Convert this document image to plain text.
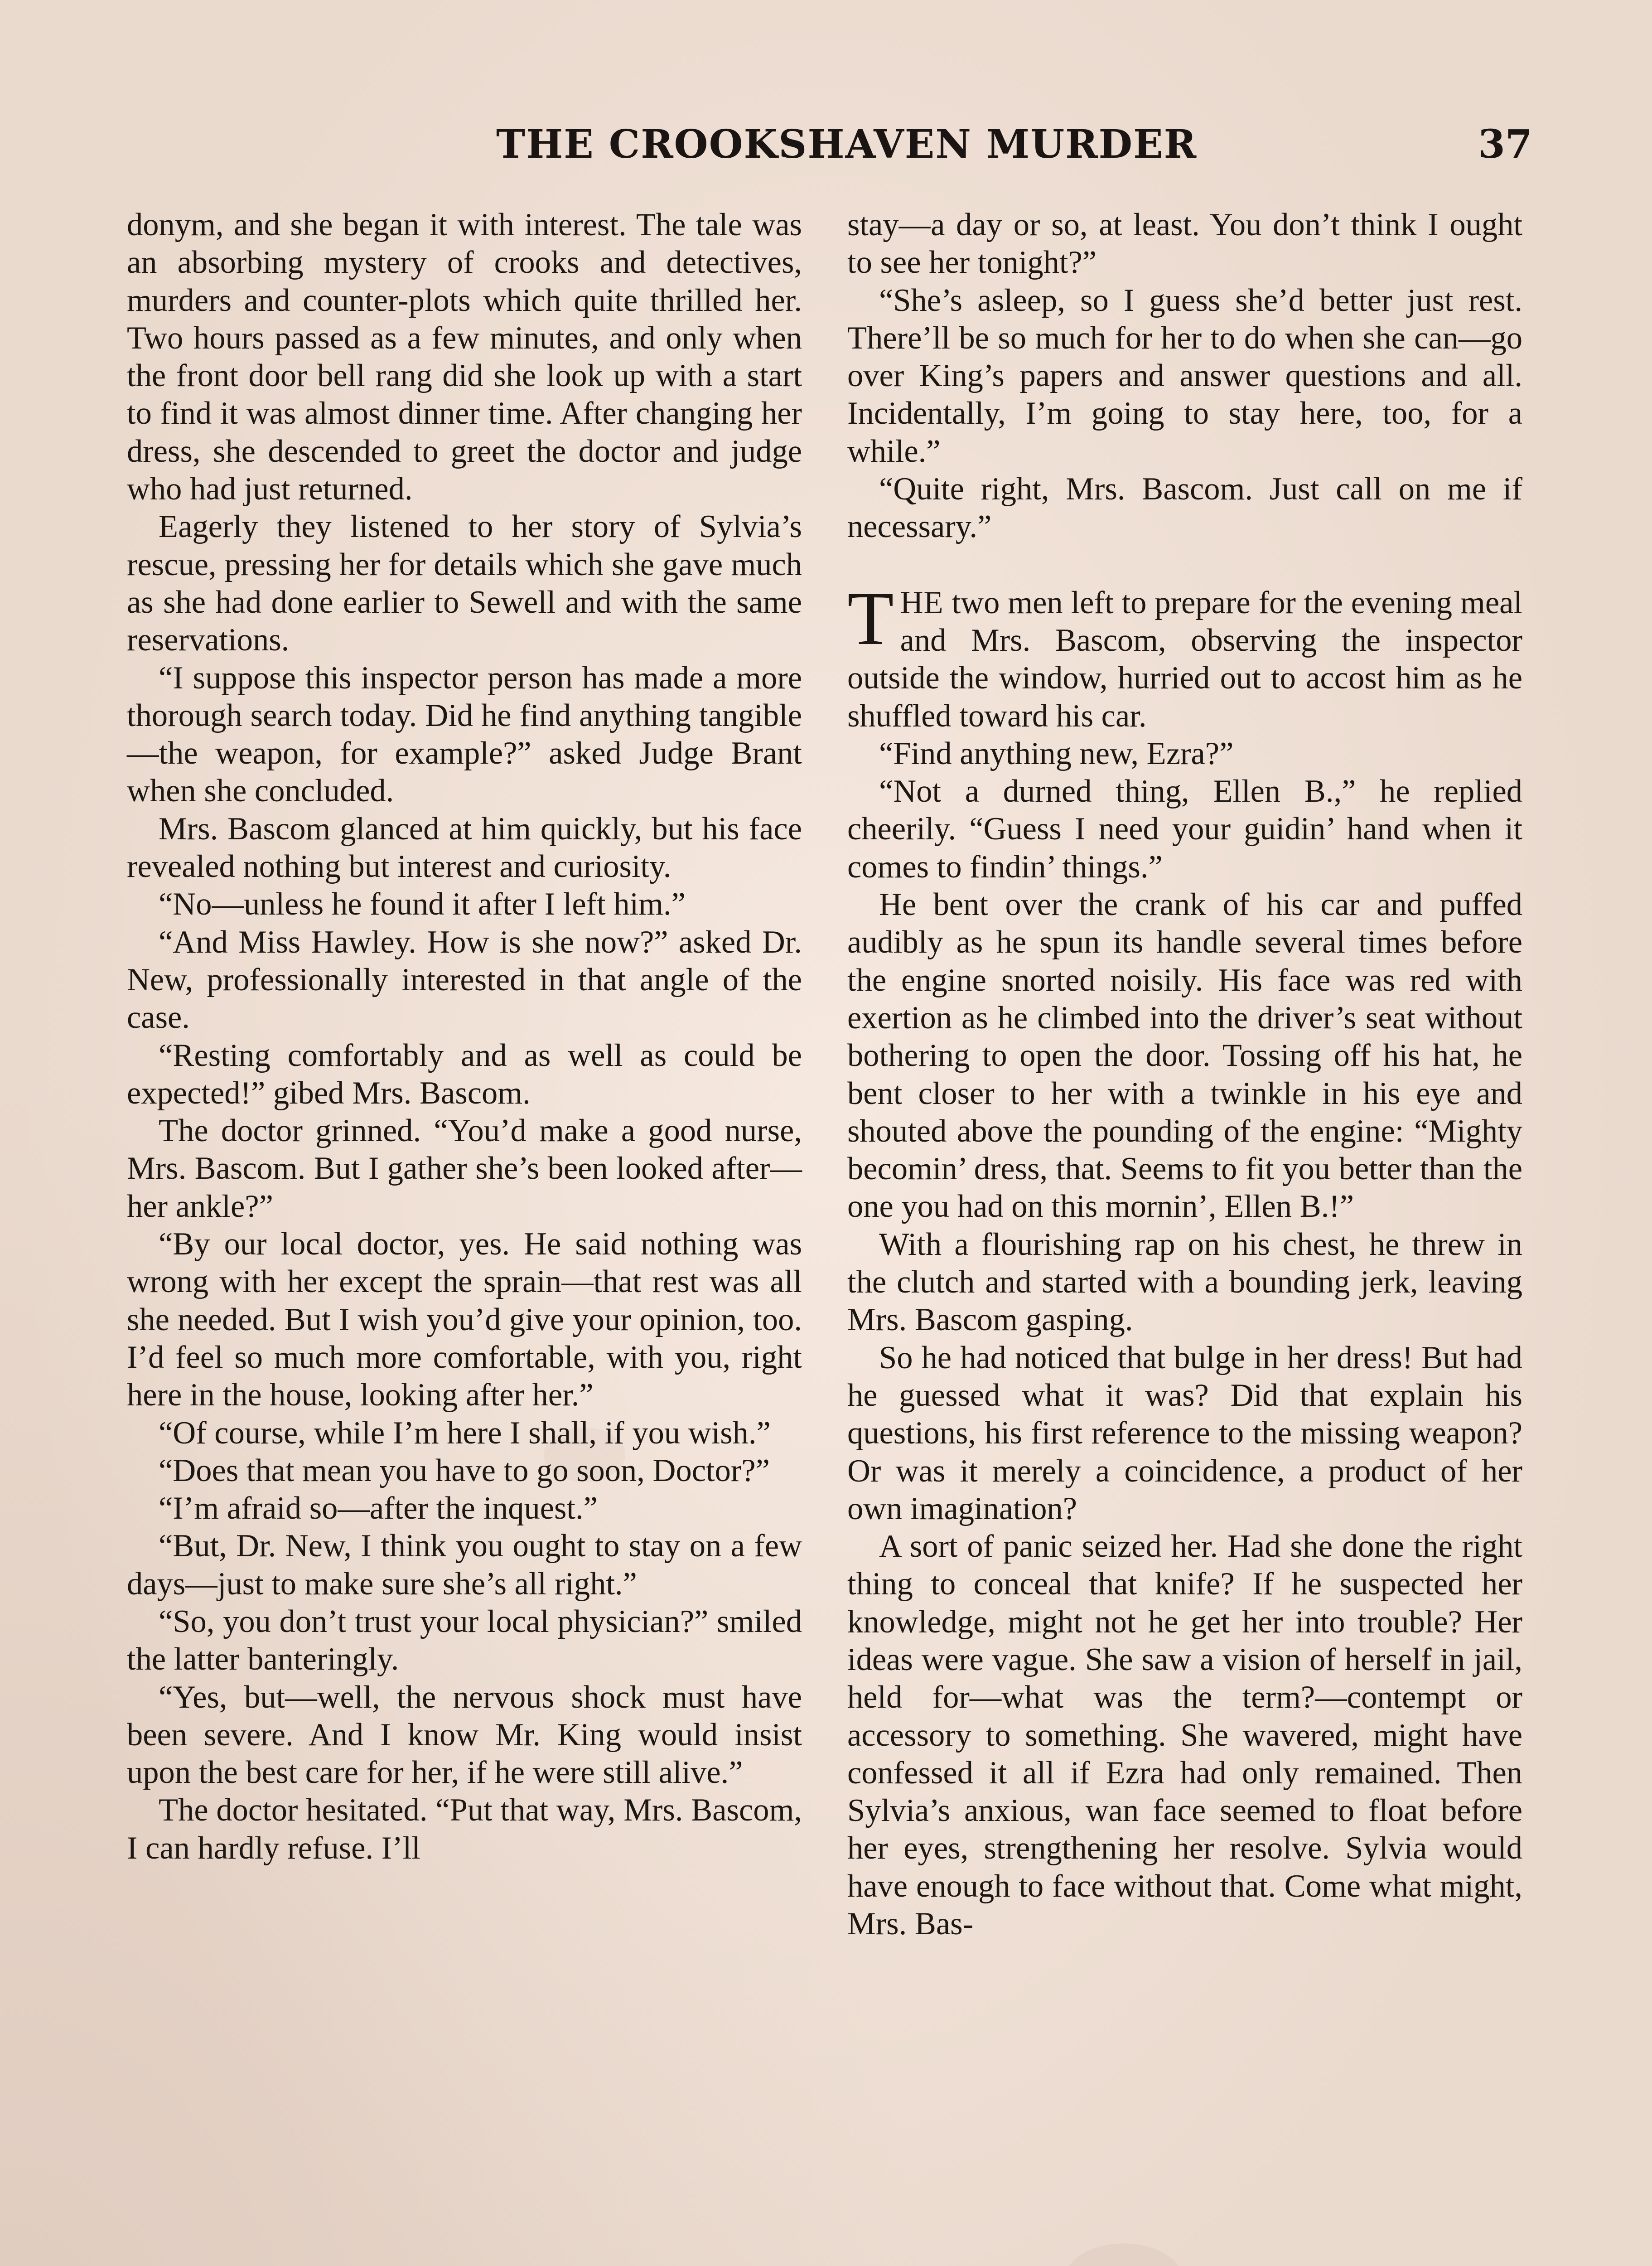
THE CROOKSHAVEN MURDER	37

donym, and she began it with interest. The tale was an absorbing mystery of crooks and detectives, murders and counter-plots which quite thrilled her. Two hours passed as a few minutes, and only when the front door bell rang did she look up with a start to find it was almost dinner time. After changing her dress, she descended to greet the doctor and judge who had just returned.

Eagerly they listened to her story of Sylvia’s rescue, pressing her for details which she gave much as she had done earlier to Sewell and with the same reservations.

“I suppose this inspector person has made a more thorough search today. Did he find anything tangible—the weapon, for example?” asked Judge Brant when she concluded.

Mrs. Bascom glanced at him quickly, but his face revealed nothing but interest and curiosity.

“No—unless he found it after I left him.”

“And Miss Hawley. How is she now?” asked Dr. New, professionally interested in that angle of the case.

“Resting comfortably and as well as could be expected!” gibed Mrs. Bascom.

The doctor grinned. “You’d make a good nurse, Mrs. Bascom. But I gather she’s been looked after—her ankle?”

“By our local doctor, yes. He said nothing was wrong with her except the sprain—that rest was all she needed. But I wish you’d give your opinion, too. I’d feel so much more comfortable, with you, right here in the house, looking after her.”

“Of course, while I’m here I shall, if you wish.”

“Does that mean you have to go soon, Doctor?”

“I’m afraid so—after the inquest.”

“But, Dr. New, I think you ought to stay on a few days—just to make sure she’s all right.”

“So, you don’t trust your local physician?” smiled the latter banteringly.

“Yes, but—well, the nervous shock must have been severe. And I know Mr. King would insist upon the best care for her, if he were still alive.”

The doctor hesitated. “Put that way, Mrs. Bascom, I can hardly refuse. I’ll

stay—a day or so, at least. You don’t think I ought to see her tonight?”

“She’s asleep, so I guess she’d better just rest. There’ll be so much for her to do when she can—go over King’s papers and answer questions and all. Incidentally, I’m going to stay here, too, for a while.”

“Quite right, Mrs. Bascom. Just call on me if necessary.”

THE two men left to prepare for the evening meal and Mrs. Bascom, observing the inspector outside the window, hurried out to accost him as he shuffled toward his car.

“Find anything new, Ezra?”

“Not a durned thing, Ellen B.,” he replied cheerily. “Guess I need your guidin’ hand when it comes to findin’ things.”

He bent over the crank of his car and puffed audibly as he spun its handle several times before the engine snorted noisily. His face was red with exertion as he climbed into the driver’s seat without bothering to open the door. Tossing off his hat, he bent closer to her with a twinkle in his eye and shouted above the pounding of the engine: “Mighty becomin’ dress, that. Seems to fit you better than the one you had on this mornin’, Ellen B.!”

With a flourishing rap on his chest, he threw in the clutch and started with a bounding jerk, leaving Mrs. Bascom gasping.

So he had noticed that bulge in her dress! But had he guessed what it was? Did that explain his questions, his first reference to the missing weapon? Or was it merely a coincidence, a product of her own imagination?

A sort of panic seized her. Had she done the right thing to conceal that knife? If he suspected her knowledge, might not he get her into trouble? Her ideas were vague. She saw a vision of herself in jail, held for—what was the term?—contempt or accessory to something. She wavered, might have confessed it all if Ezra had only remained. Then Sylvia’s anxious, wan face seemed to float before her eyes, strengthening her resolve. Sylvia would have enough to face without that. Come what might, Mrs. Bas-
